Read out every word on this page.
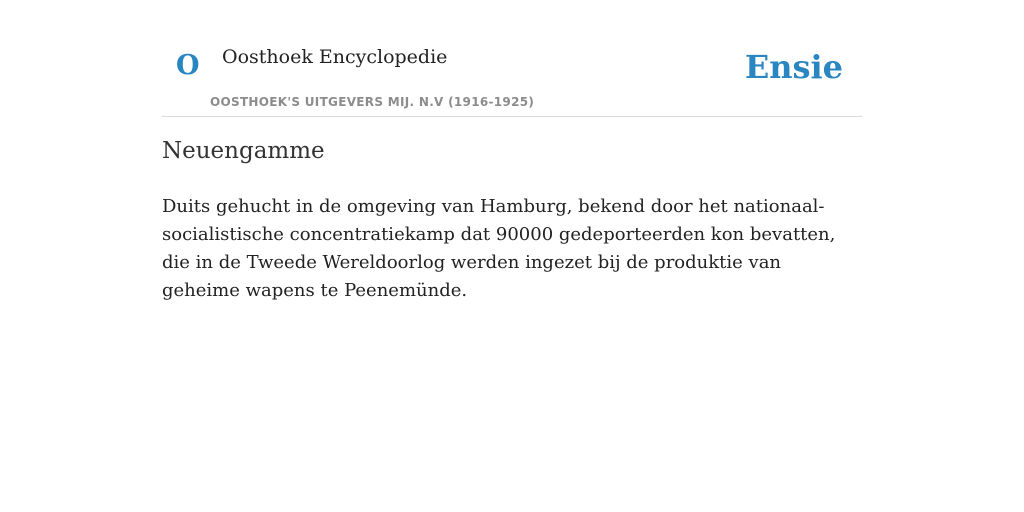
O Oosthoek Encyclopedie
OOSTHOEK'S UITGEVERS MIJ. N.V (1916-1925)
Ensie
Neuengamme

Duits gehucht in de omgeving van Hamburg, bekend door het nationaal-socialistische concentratiekamp dat 90000 gedeporteerden kon bevatten, die in de Tweede Wereldoorlog werden ingezet bij de produktie van geheime wapens te Peenemünde.
